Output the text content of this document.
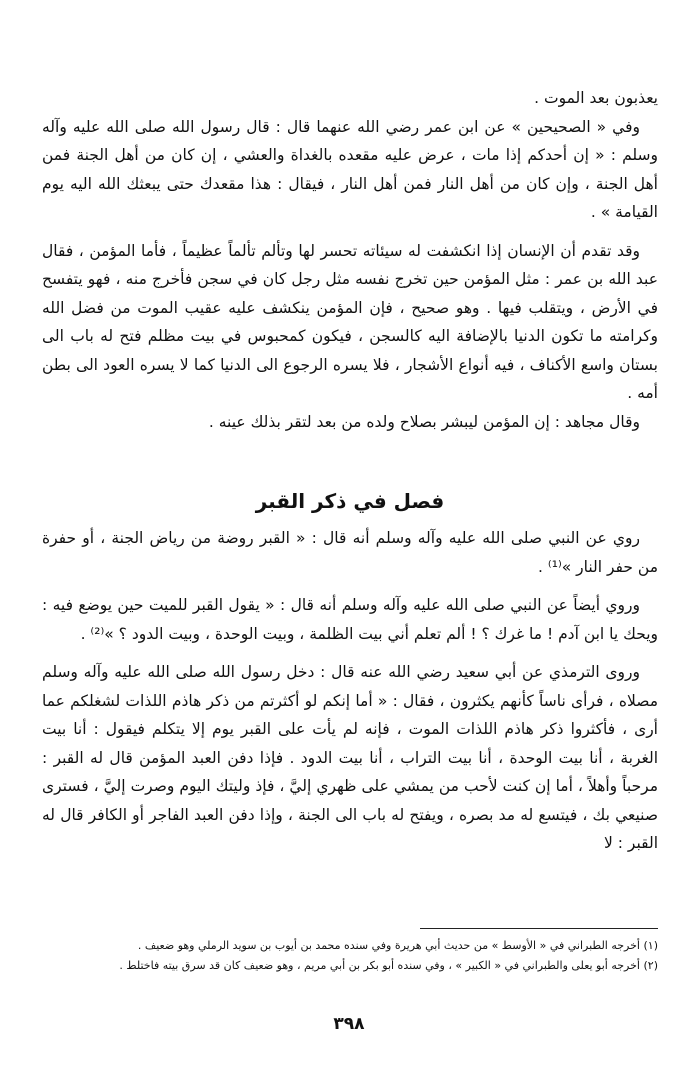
يعذبون بعد الموت .

وفي « الصحيحين » عن ابن عمر رضي الله عنهما قال : قال رسول الله صلى الله عليه وآله وسلم : « إن أحدكم إذا مات ، عرض عليه مقعده بالغداة والعشي ، إن كان من أهل الجنة فمن أهل الجنة ، وإن كان من أهل النار فمن أهل النار ، فيقال : هذا مقعدك حتى يبعثك الله اليه يوم القيامة » .

وقد تقدم أن الإنسان إذا انكشفت له سيئاته تحسر لها وتألم تألماً عظيماً ، فأما المؤمن ، فقال عبد الله بن عمر : مثل المؤمن حين تخرج نفسه مثل رجل كان في سجن فأخرج منه ، فهو يتفسح في الأرض ، ويتقلب فيها . وهو صحيح ، فإن المؤمن ينكشف عليه عقيب الموت من فضل الله وكرامته ما تكون الدنيا بالإضافة اليه كالسجن ، فيكون كمحبوس في بيت مظلم فتح له باب الى بستان واسع الأكناف ، فيه أنواع الأشجار ، فلا يسره الرجوع الى الدنيا كما لا يسره العود الى بطن أمه .

وقال مجاهد : إن المؤمن ليبشر بصلاح ولده من بعد لتقر بذلك عينه .

فصل في ذكر القبر

روي عن النبي صلى الله عليه وآله وسلم أنه قال : « القبر روضة من رياض الجنة ، أو حفرة من حفر النار »⁽¹⁾ .

وروي أيضاً عن النبي صلى الله عليه وآله وسلم أنه قال : « يقول القبر للميت حين يوضع فيه : ويحك يا ابن آدم ! ما غرك ؟ ! ألم تعلم أني بيت الظلمة ، وبيت الوحدة ، وبيت الدود ؟ »⁽²⁾ .

وروى الترمذي عن أبي سعيد رضي الله عنه قال : دخل رسول الله صلى الله عليه وآله وسلم مصلاه ، فرأى ناساً كأنهم يكثرون ، فقال : « أما إنكم لو أكثرتم من ذكر هاذم اللذات لشغلكم عما أرى ، فأكثروا ذكر هاذم اللذات الموت ، فإنه لم يأت على القبر يوم إلا يتكلم فيقول : أنا بيت الغربة ، أنا بيت الوحدة ، أنا بيت التراب ، أنا بيت الدود . فإذا دفن العبد المؤمن قال له القبر : مرحباً وأهلاً ، أما إن كنت لأحب من يمشي على ظهري إليَّ ، فإذ وليتك اليوم وصرت إليَّ ، فسترى صنيعي بك ، فيتسع له مد بصره ، ويفتح له باب الى الجنة ، وإذا دفن العبد الفاجر أو الكافر قال له القبر : لا

(١) أخرجه الطبراني في « الأوسط » من حديث أبي هريرة وفي سنده محمد بن أيوب بن سويد الرملي وهو ضعيف .

(٢) أخرجه أبو يعلى والطبراني في « الكبير » ، وفي سنده أبو بكر بن أبي مريم ، وهو ضعيف كان قد سرق بيته فاختلط .

٣٩٨
